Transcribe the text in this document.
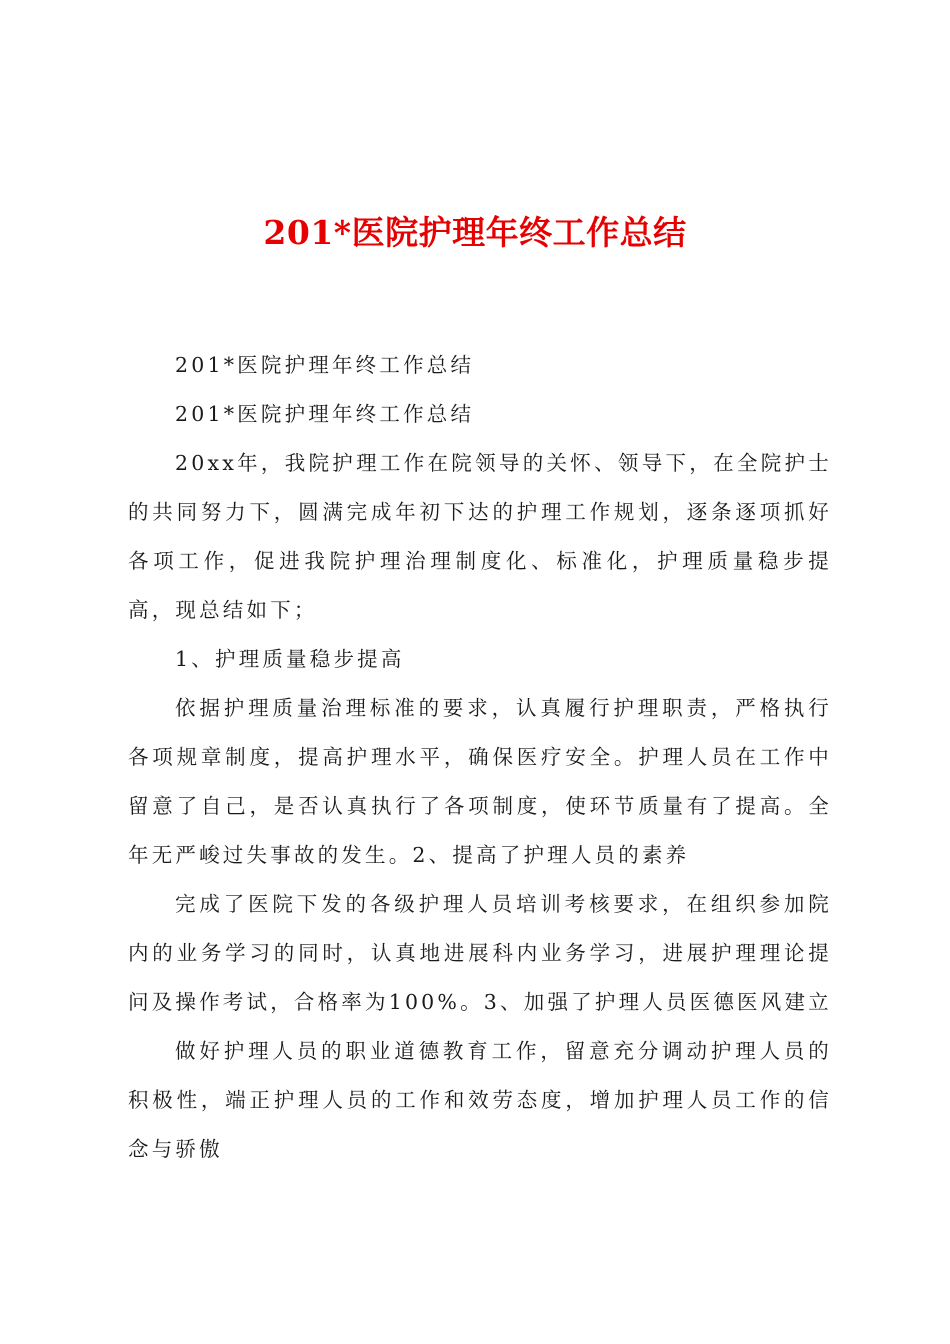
201*医院护理年终工作总结

201*医院护理年终工作总结

201*医院护理年终工作总结

20xx年，我院护理工作在院领导的关怀、领导下，在全院护士的共同努力下，圆满完成年初下达的护理工作规划，逐条逐项抓好各项工作，促进我院护理治理制度化、标准化，护理质量稳步提高，现总结如下；

1、护理质量稳步提高

依据护理质量治理标准的要求，认真履行护理职责，严格执行各项规章制度，提高护理水平，确保医疗安全。护理人员在工作中留意了自己，是否认真执行了各项制度，使环节质量有了提高。全年无严峻过失事故的发生。2、提高了护理人员的素养

完成了医院下发的各级护理人员培训考核要求，在组织参加院内的业务学习的同时，认真地进展科内业务学习，进展护理理论提问及操作考试，合格率为100%。3、加强了护理人员医德医风建立

做好护理人员的职业道德教育工作，留意充分调动护理人员的积极性，端正护理人员的工作和效劳态度，增加护理人员工作的信念与骄傲
